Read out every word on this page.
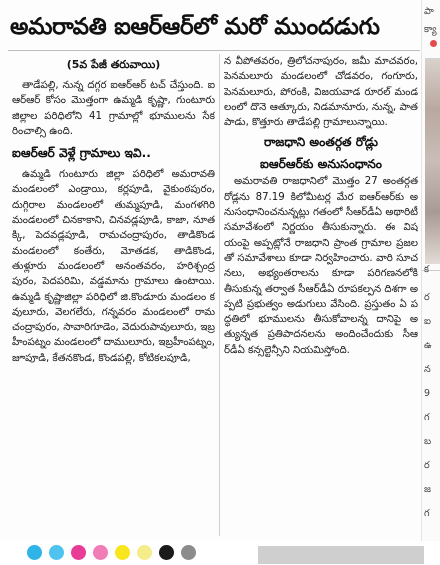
అమరావతి ఐఆర్‌ఆర్‌లో మరో ముందడుగు
(5వ పేజీ తరువాయి)

తాడేపల్లి, నున్న దగ్గర ఐఆర్‌ఆర్ టచ్ చేస్తుంది. ఐఆర్‌ఆర్ కోసం మొత్తంగా ఉమ్మడి కృష్ణా, గుంటూరు జిల్లాల పరిధిలోని 41 గ్రామాల్లో భూములను సేకరించాల్సి ఉంది.

ఐఆర్‌ఆర్ వెళ్లే గ్రామాలు ఇవి..

ఉమ్మడి గుంటూరు జిల్లా పరిధిలో అమరావతి మండలంలో ఎండ్రాయి, కర్లపూడి, వైకుంఠపురం, దుగ్గిరాల మండలంలో తుమ్మపూడి, మంగళగిరి మండలంలో చినకాకాని, చినవడ్లపూడి, కాజా, నూతక్కి, పెదవడ్లపూడి, రామచంద్రాపురం, తాడికొండ మండలంలో కంతేరు, మోతడక, తాడికొండ, తుళ్లూరు మండలంలో అనంతవరం, హరిశ్చంద్రపురం, పెదపరిమి, వడ్డమాను గ్రామాలు ఉంటాయి. ఉమ్మడి కృష్ణాజిల్లా పరిధిలో జి.కొండూరు మండలం కవులూరు, వెలగలేరు, గన్నవరం మండలంలో రామచంద్రాపురం, సావారిగూడెం, వెదురుపావులూరు, ఇబ్రహీంపట్నం మండలంలో దాములూరు, ఇబ్రహీంపట్నం, జూపూడి, కేతనకొండ, కొండపల్లి, కోటికలపూడి,

న వీపోతవరం, త్రిలోచనాపురం, జమీ మాచవరం, పెనమలూరు మండలంలో చోడవరం, గంగూరు, పెనమలూరు, పోరంకి, విజయవాడ రూరల్ మండలంలో దొనె ఆత్కూరు, నిడమానూరు, నున్న, పాతపాడు, కొత్తూరు తాడేపల్లి గ్రామాలున్నాయి.

రాజధాని అంతర్గత రోడ్లు
ఐఆర్‌ఆర్‌కు అనుసంధానం

అమరావతి రాజధానిలో మొత్తం 27 అంతర్గత రోడ్లను 87.19 కిలోమీటర్ల మేర ఐఆర్‌ఆర్‌కు అనుసంధానించనున్నట్లు గతంలో సీఆర్‌డీఏ అథారిటీ సమావేశంలో నిర్ణయం తీసుకున్నారు. ఈ విషయంపై అప్పట్లోనే రాజధాని ప్రాంత గ్రామాల ప్రజలతో సమావేశాలు కూడా నిర్వహించారు. వారి సూచనలు, అభ్యంతరాలను కూడా పరిగణనలోకి తీసుకున్న తర్వాత సీఆర్‌డీఏ రూపకల్పన దిశగా అప్పటి ప్రభుత్వం అడుగులు వేసింది. ప్రస్తుతం ఏ పద్ధతిలో భూములను తీసుకోవాలన్న దానిపై అత్యున్నత ప్రతిపాదనలను అందించేందుకు సీఆర్‌డీఏ కన్సల్టెన్సీని నియమిస్తోంది.

పా
క్యా
క
ర
ఐ
ఉ
న
9
గ
బ
ర
జ
గ
